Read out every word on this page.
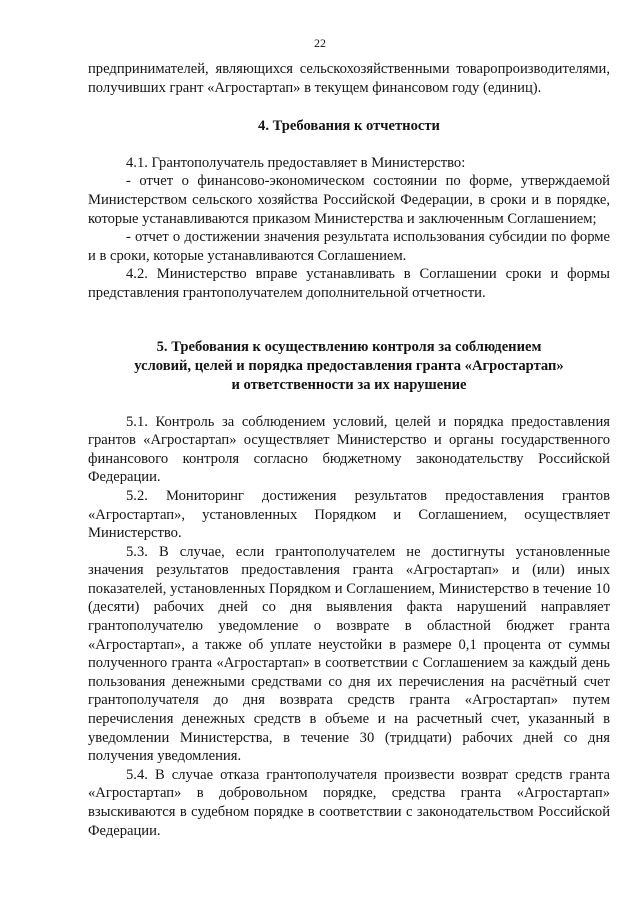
22

предпринимателей, являющихся сельскохозяйственными товаропроизводителями, получивших грант «Агростартап» в текущем финансовом году (единиц).

4. Требования к отчетности

4.1. Грантополучатель предоставляет в Министерство:

- отчет о финансово-экономическом состоянии по форме, утверждаемой Министерством сельского хозяйства Российской Федерации, в сроки и в порядке, которые устанавливаются приказом Министерства и заключенным Соглашением;

- отчет о достижении значения результата использования субсидии по форме и в сроки, которые устанавливаются Соглашением.

4.2. Министерство вправе устанавливать в Соглашении сроки и формы представления грантополучателем дополнительной отчетности.

5. Требования к осуществлению контроля за соблюдением
условий, целей и порядка предоставления гранта «Агростартап»
и ответственности за их нарушение

5.1. Контроль за соблюдением условий, целей и порядка предоставления грантов «Агростартап» осуществляет Министерство и органы государственного финансового контроля согласно бюджетному законодательству Российской Федерации.

5.2. Мониторинг достижения результатов предоставления грантов «Агростартап», установленных Порядком и Соглашением, осуществляет Министерство.

5.3. В случае, если грантополучателем не достигнуты установленные значения результатов предоставления гранта «Агростартап» и (или) иных показателей, установленных Порядком и Соглашением, Министерство в течение 10 (десяти) рабочих дней со дня выявления факта нарушений направляет грантополучателю уведомление о возврате в областной бюджет гранта «Агростартап», а также об уплате неустойки в размере 0,1 процента от суммы полученного гранта «Агростартап» в соответствии с Соглашением за каждый день пользования денежными средствами со дня их перечисления на расчётный счет грантополучателя до дня возврата средств гранта «Агростартап» путем перечисления денежных средств в объеме и на расчетный счет, указанный в уведомлении Министерства, в течение 30 (тридцати) рабочих дней со дня получения уведомления.

5.4. В случае отказа грантополучателя произвести возврат средств гранта «Агростартап» в добровольном порядке, средства гранта «Агростартап» взыскиваются в судебном порядке в соответствии с законодательством Российской Федерации.
